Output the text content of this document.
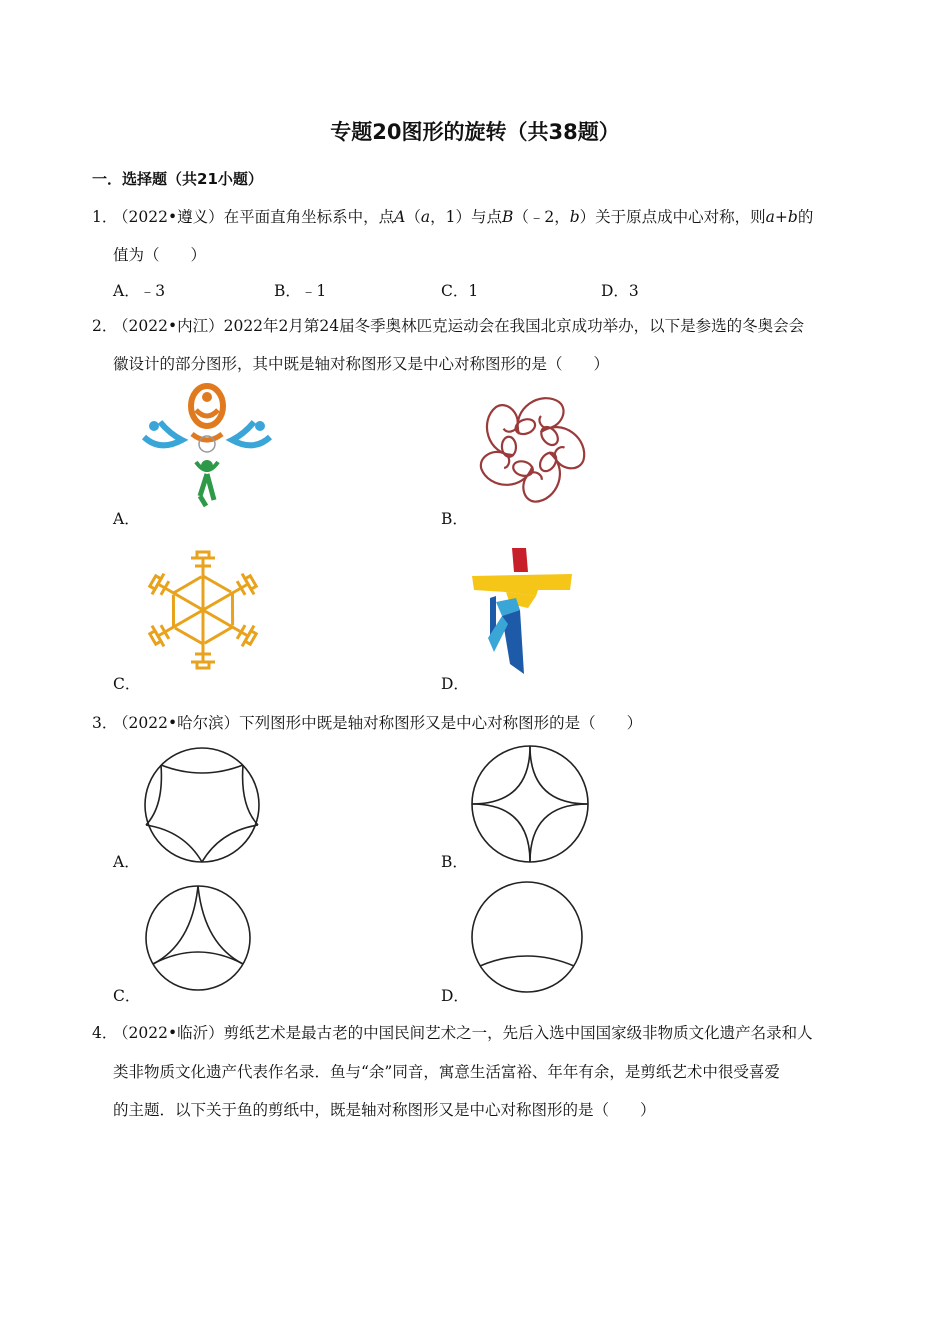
专题20图形的旋转（共38题）
一．选择题（共21小题）
1．
（2022•遵义）在平面直角坐标系中，点A（a，1）与点B（﹣2，b）关于原点成中心对称，则a+b的
值为（　　）
A．﹣3	B．﹣1	C．1	D．3
2．
（2022•内江）2022年2月第24届冬季奥林匹克运动会在我国北京成功举办，以下是参选的冬奥会会
徽设计的部分图形，其中既是轴对称图形又是中心对称图形的是（　　）
A．	B．
C．	D．
3．
（2022•哈尔滨）下列图形中既是轴对称图形又是中心对称图形的是（　　）
A．	B．
C．	D．
4．
（2022•临沂）剪纸艺术是最古老的中国民间艺术之一，先后入选中国国家级非物质文化遗产名录和人
类非物质文化遗产代表作名录．鱼与“余”同音，寓意生活富裕、年年有余，是剪纸艺术中很受喜爱
的主题．以下关于鱼的剪纸中，既是轴对称图形又是中心对称图形的是（　　）
